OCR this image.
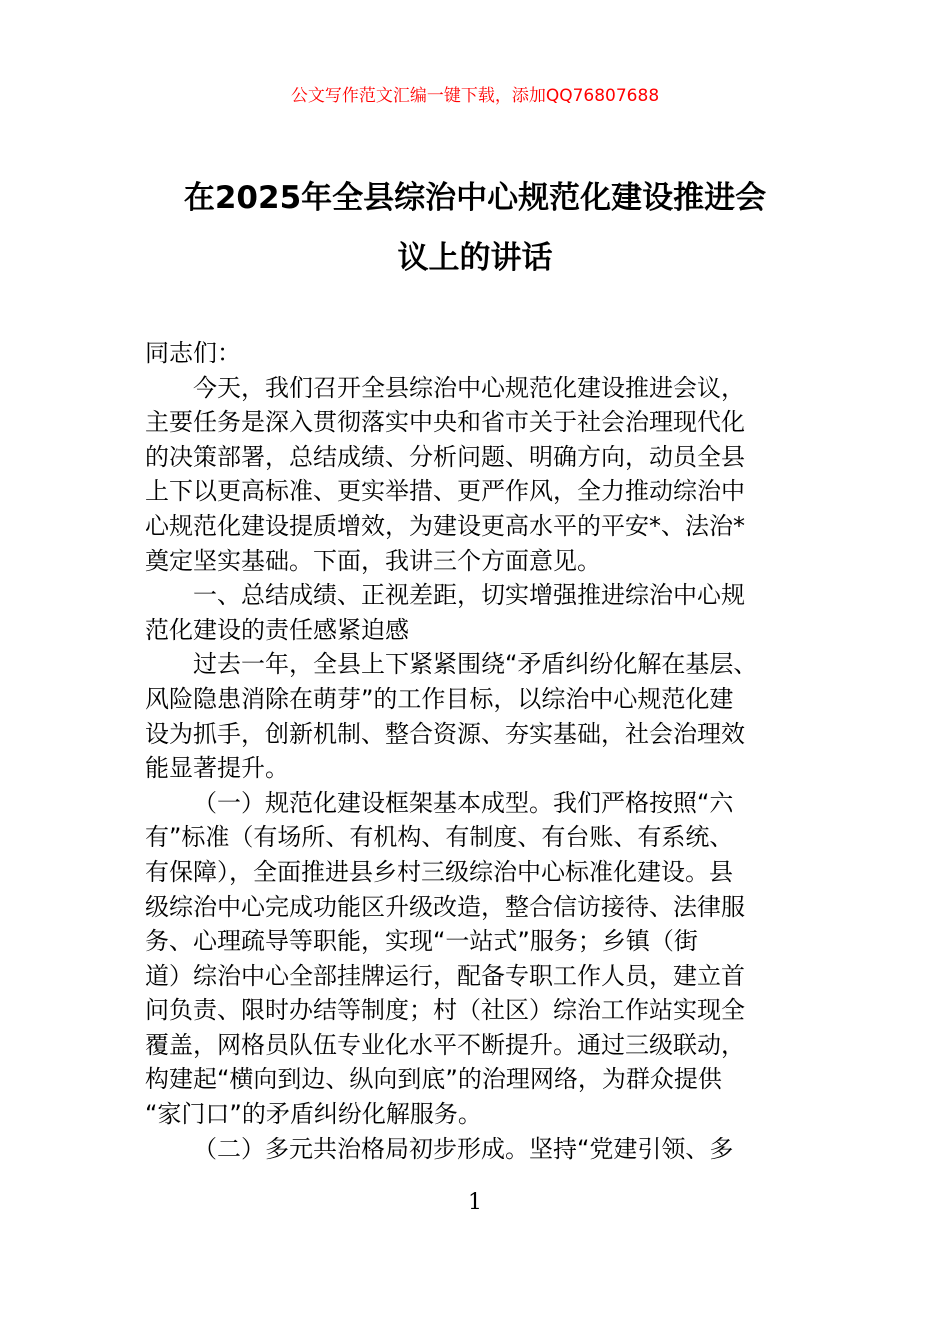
公文写作范文汇编一键下载，添加QQ76807688
在2025年全县综治中心规范化建设推进会
议上的讲话
同志们：
今天，我们召开全县综治中心规范化建设推进会议，
主要任务是深入贯彻落实中央和省市关于社会治理现代化
的决策部署，总结成绩、分析问题、明确方向，动员全县
上下以更高标准、更实举措、更严作风，全力推动综治中
心规范化建设提质增效，为建设更高水平的平安*、法治*
奠定坚实基础。下面，我讲三个方面意见。
一、总结成绩、正视差距，切实增强推进综治中心规
范化建设的责任感紧迫感
过去一年，全县上下紧紧围绕“矛盾纠纷化解在基层、
风险隐患消除在萌芽”的工作目标，以综治中心规范化建
设为抓手，创新机制、整合资源、夯实基础，社会治理效
能显著提升。
（一）规范化建设框架基本成型。我们严格按照“六
有”标准（有场所、有机构、有制度、有台账、有系统、
有保障），全面推进县乡村三级综治中心标准化建设。县
级综治中心完成功能区升级改造，整合信访接待、法律服
务、心理疏导等职能，实现“一站式”服务；乡镇（街
道）综治中心全部挂牌运行，配备专职工作人员，建立首
问负责、限时办结等制度；村（社区）综治工作站实现全
覆盖，网格员队伍专业化水平不断提升。通过三级联动，
构建起“横向到边、纵向到底”的治理网络，为群众提供
“家门口”的矛盾纠纷化解服务。
（二）多元共治格局初步形成。坚持“党建引领、多
1
